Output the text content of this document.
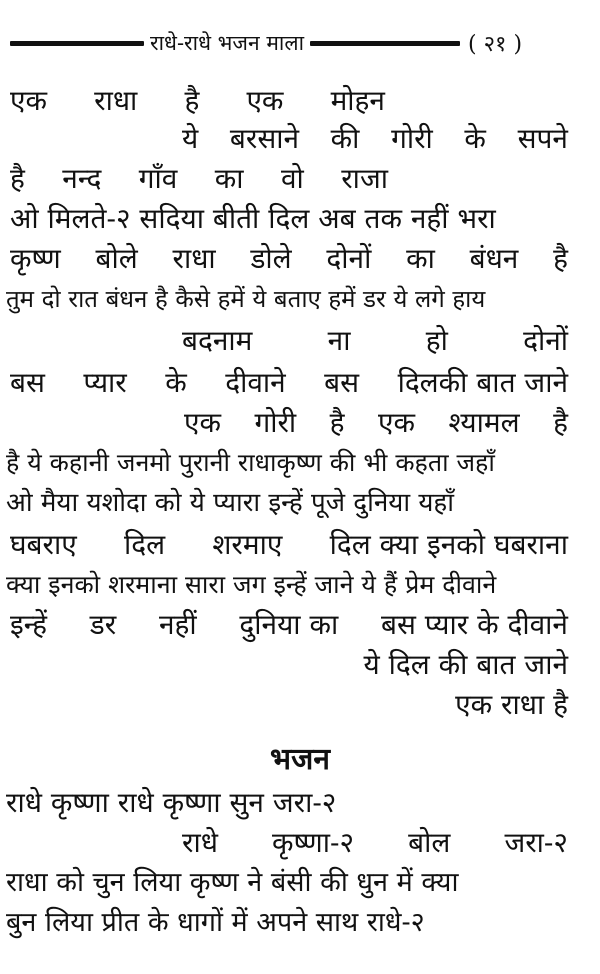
राधे-राधे भजन माला	( २१ )
एक राधा है एक मोहन
ये बरसाने की गोरी के सपने
है नन्द गाँव का वो राजा
ओ मिलते-२ सदिया बीती दिल अब तक नहीं भरा
कृष्ण बोले राधा डोले दोनों का बंधन है
तुम दो रात बंधन है कैसे हमें ये बताए हमें डर ये लगे हाय
बदनाम	ना	हो	दोनों
बस प्यार के दीवाने बस दिलकी बात जाने
एक गोरी है एक श्यामल है
है ये कहानी जनमो पुरानी राधाकृष्ण की भी कहता जहाँ
ओ मैया यशोदा को ये प्यारा इन्हें पूजे दुनिया यहाँ
घबराए दिल शरमाए दिल क्या इनको घबराना
क्या इनको शरमाना सारा जग इन्हें जाने ये हैं प्रेम दीवाने
इन्हें डर नहीं दुनिया का बस प्यार के दीवाने
ये दिल की बात जाने
एक राधा है
भजन
राधे कृष्णा राधे कृष्णा सुन जरा-२
राधे कृष्णा-२ बोल जरा-२
राधा को चुन लिया कृष्ण ने बंसी की धुन में क्या
बुन लिया प्रीत के धागों में अपने साथ राधे-२
